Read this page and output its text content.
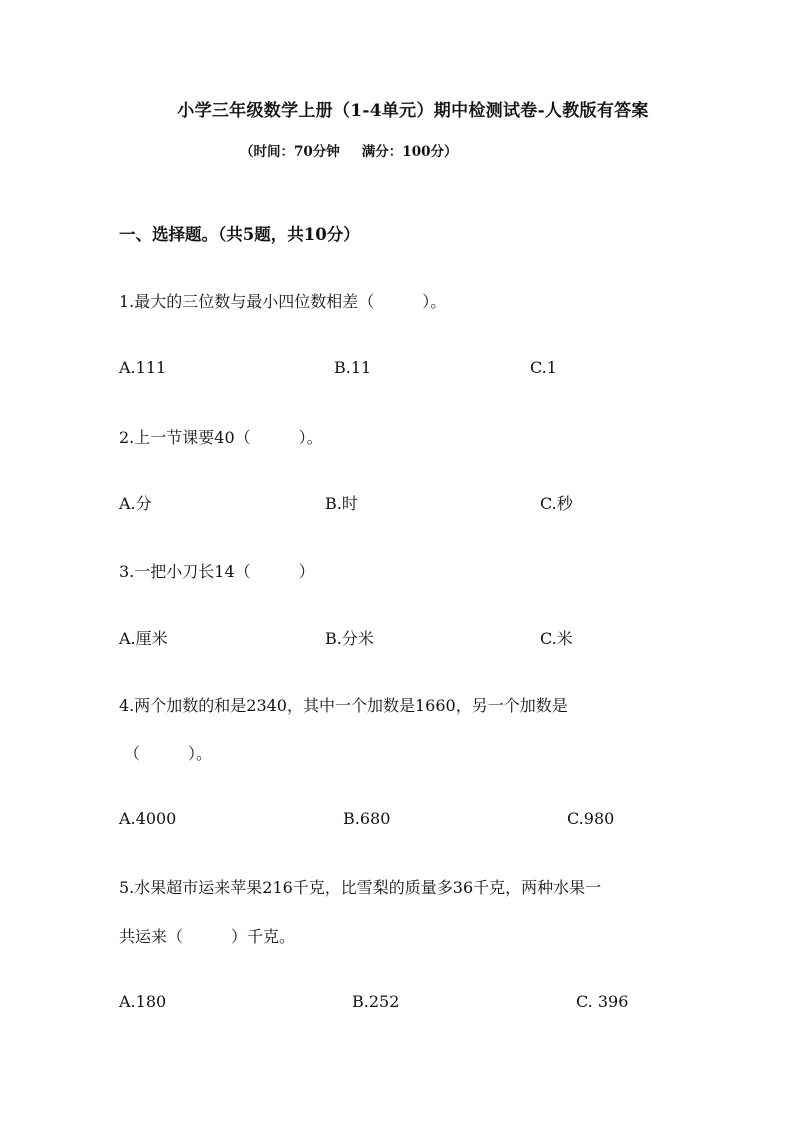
小学三年级数学上册（1-4单元）期中检测试卷-人教版有答案
（时间：70分钟 满分：100分）
一、选择题。（共5题，共10分）
1.最大的三位数与最小四位数相差（　　　）。
A.111	B.11	C.1
2.上一节课要40（　　　）。
A.分	B.时	C.秒
3.一把小刀长14（　　　）
A.厘米	B.分米	C.米
4.两个加数的和是2340，其中一个加数是1660，另一个加数是
（　　　）。
A.4000	B.680	C.980
5.水果超市运来苹果216千克，比雪梨的质量多36千克，两种水果一
共运来（　　　）千克。
A.180	B.252	C. 396
